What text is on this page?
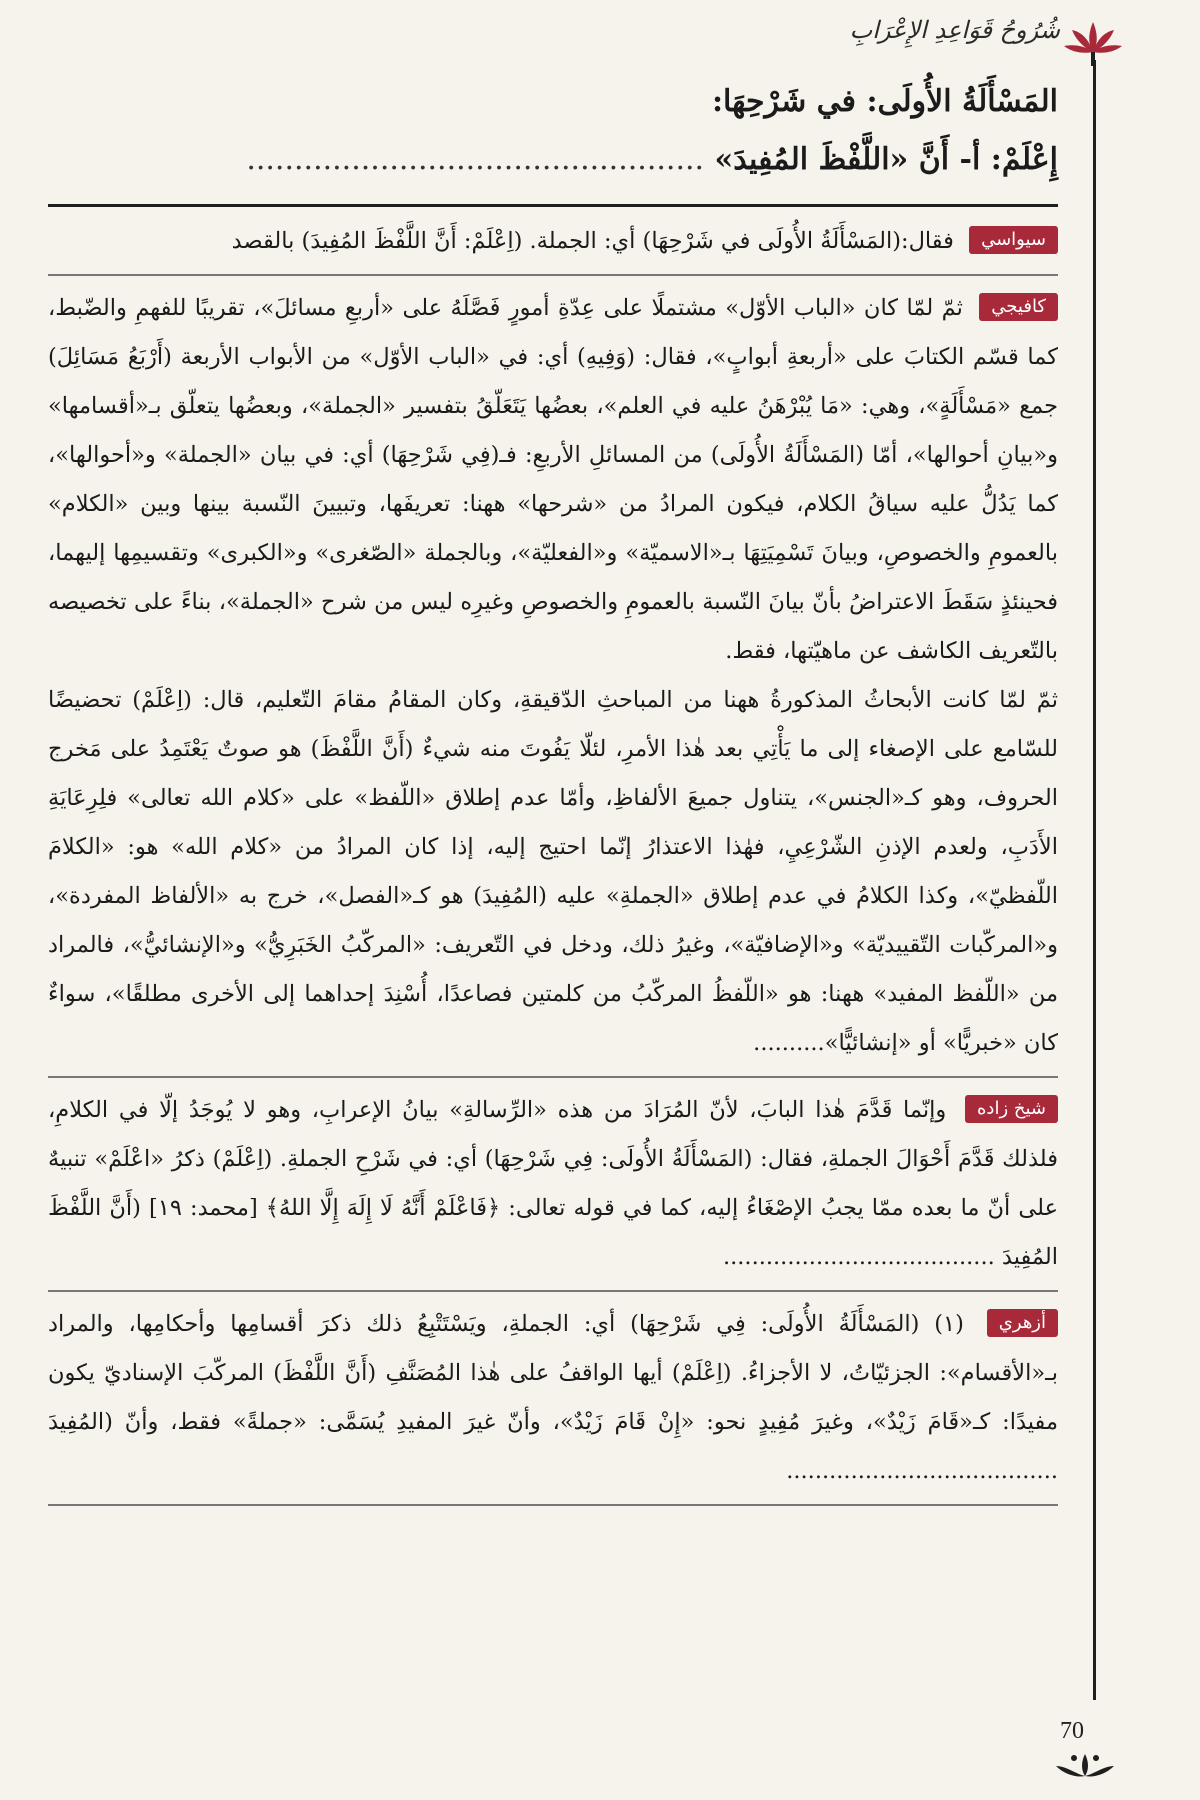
شُرُوحُ قَوَاعِدِ الإِعْرَابِ

المَسْأَلَةُ الأُولَى: في شَرْحِهَا:

إِعْلَمْ: أ- أَنَّ «اللَّفْظَ المُفِيدَ» ................................................

سيواسي فقال:(المَسْأَلَةُ الأُولَى في شَرْحِهَا) أي: الجملة. (اِعْلَمْ: أَنَّ اللَّفْظَ المُفِيدَ) بالقصد

كافيجي ثمّ لمّا كان «الباب الأوّل» مشتملًا على عِدّةِ أمورٍ فَصَّلَهُ على «أربعِ مسائلَ»، تقريبًا للفهمِ والضّبط، كما قسّم الكتابَ على «أربعةِ أبوابٍ»، فقال: (وَفِيهِ) أي: في «الباب الأوّل» من الأبواب الأربعة (أَرْبَعُ مَسَائِلَ) جمع «مَسْأَلَةٍ»، وهي: «مَا يُبْرْهَنُ عليه في العلم»، بعضُها يَتَعَلّقُ بتفسير «الجملة»، وبعضُها يتعلّق بـ«أقسامها» و«بيانِ أحوالها»، أمّا (المَسْأَلَةُ الأُولَى) من المسائلِ الأربعِ: فـ(فِي شَرْحِهَا) أي: في بيان «الجملة» و«أحوالها»، كما يَدُلُّ عليه سياقُ الكلام، فيكون المرادُ من «شرحها» ههنا: تعريفَها، وتبيينَ النّسبة بينها وبين «الكلام» بالعمومِ والخصوصِ، وبيانَ تَسْمِيَتِهَا بـ«الاسميّة» و«الفعليّة»، وبالجملة «الصّغرى» و«الكبرى» وتقسيمِها إليهما، فحينئذٍ سَقَطَ الاعتراضُ بأنّ بيانَ النّسبة بالعمومِ والخصوصِ وغيرِه ليس من شرح «الجملة»، بناءً على تخصيصه بالتّعريف الكاشف عن ماهيّتها، فقط.

ثمّ لمّا كانت الأبحاثُ المذكورةُ ههنا من المباحثِ الدّقيقةِ، وكان المقامُ مقامَ التّعليم، قال: (اِعْلَمْ) تحضيضًا للسّامع على الإصغاء إلى ما يَأْتِي بعد هٰذا الأمرِ، لئلّا يَفُوتَ منه شيءٌ (أَنَّ اللَّفْظَ) هو صوتٌ يَعْتَمِدُ على مَخرج الحروف، وهو كـ«الجنس»، يتناول جميعَ الألفاظِ، وأمّا عدم إطلاق «اللّفظ» على «كلام الله تعالى» فلِرِعَايَةِ الأَدَبِ، ولعدم الإذنِ الشّرْعِيِ، فهٰذا الاعتذارُ إنّما احتيج إليه، إذا كان المرادُ من «كلام الله» هو: «الكلامَ اللّفظيّ»، وكذا الكلامُ في عدم إطلاق «الجملةِ» عليه (المُفِيدَ) هو كـ«الفصل»، خرج به «الألفاظ المفردة»، و«المركّبات التّقييديّة» و«الإضافيّة»، وغيرُ ذلك، ودخل في التّعريف: «المركّبُ الخَبَرِيُّ» و«الإنشائيُّ»، فالمراد من «اللّفظ المفيد» ههنا: هو «اللّفظُ المركّبُ من كلمتين فصاعدًا، أُسْنِدَ إحداهما إلى الأخرى مطلقًا»، سواءٌ كان «خبريًّا» أو «إنشائيًّا»..........

شيخ زاده وإنّما قَدَّمَ هٰذا البابَ، لأنّ المُرَادَ من هذه «الرِّسالةِ» بيانُ الإعرابِ، وهو لا يُوجَدُ إلّا في الكلامِ، فلذلك قَدَّمَ أَحْوَالَ الجملةِ، فقال: (المَسْأَلَةُ الأُولَى: فِي شَرْحِهَا) أي: في شَرْحِ الجملةِ. (اِعْلَمْ) ذكرُ «اعْلَمْ» تنبيهٌ على أنّ ما بعده ممّا يجبُ الإصْغَاءُ إليه، كما في قوله تعالى: ﴿فَاعْلَمْ أَنَّهُ لَا إِلَهَ إِلَّا اللهُ﴾ [محمد: ١٩] (أَنَّ اللَّفْظَ المُفِيدَ ......................................

أزهري (١) (المَسْأَلَةُ الأُولَى: فِي شَرْحِهَا) أي: الجملةِ، ويَسْتَتْبِعُ ذلك ذكرَ أقسامِها وأحكامِها، والمراد بـ«الأقسام»: الجزئيّاتُ، لا الأجزاءُ. (اِعْلَمْ) أيها الواقفُ على هٰذا المُصَنَّفِ (أَنَّ اللَّفْظَ) المركّبَ الإسناديّ يكون مفيدًا: كـ«قَامَ زَيْدٌ»، وغيرَ مُفِيدٍ نحو: «إِنْ قَامَ زَيْدٌ»، وأنّ غيرَ المفيدِ يُسَمَّى: «جملةً» فقط، وأنّ (المُفِيدَ ......................................

70
